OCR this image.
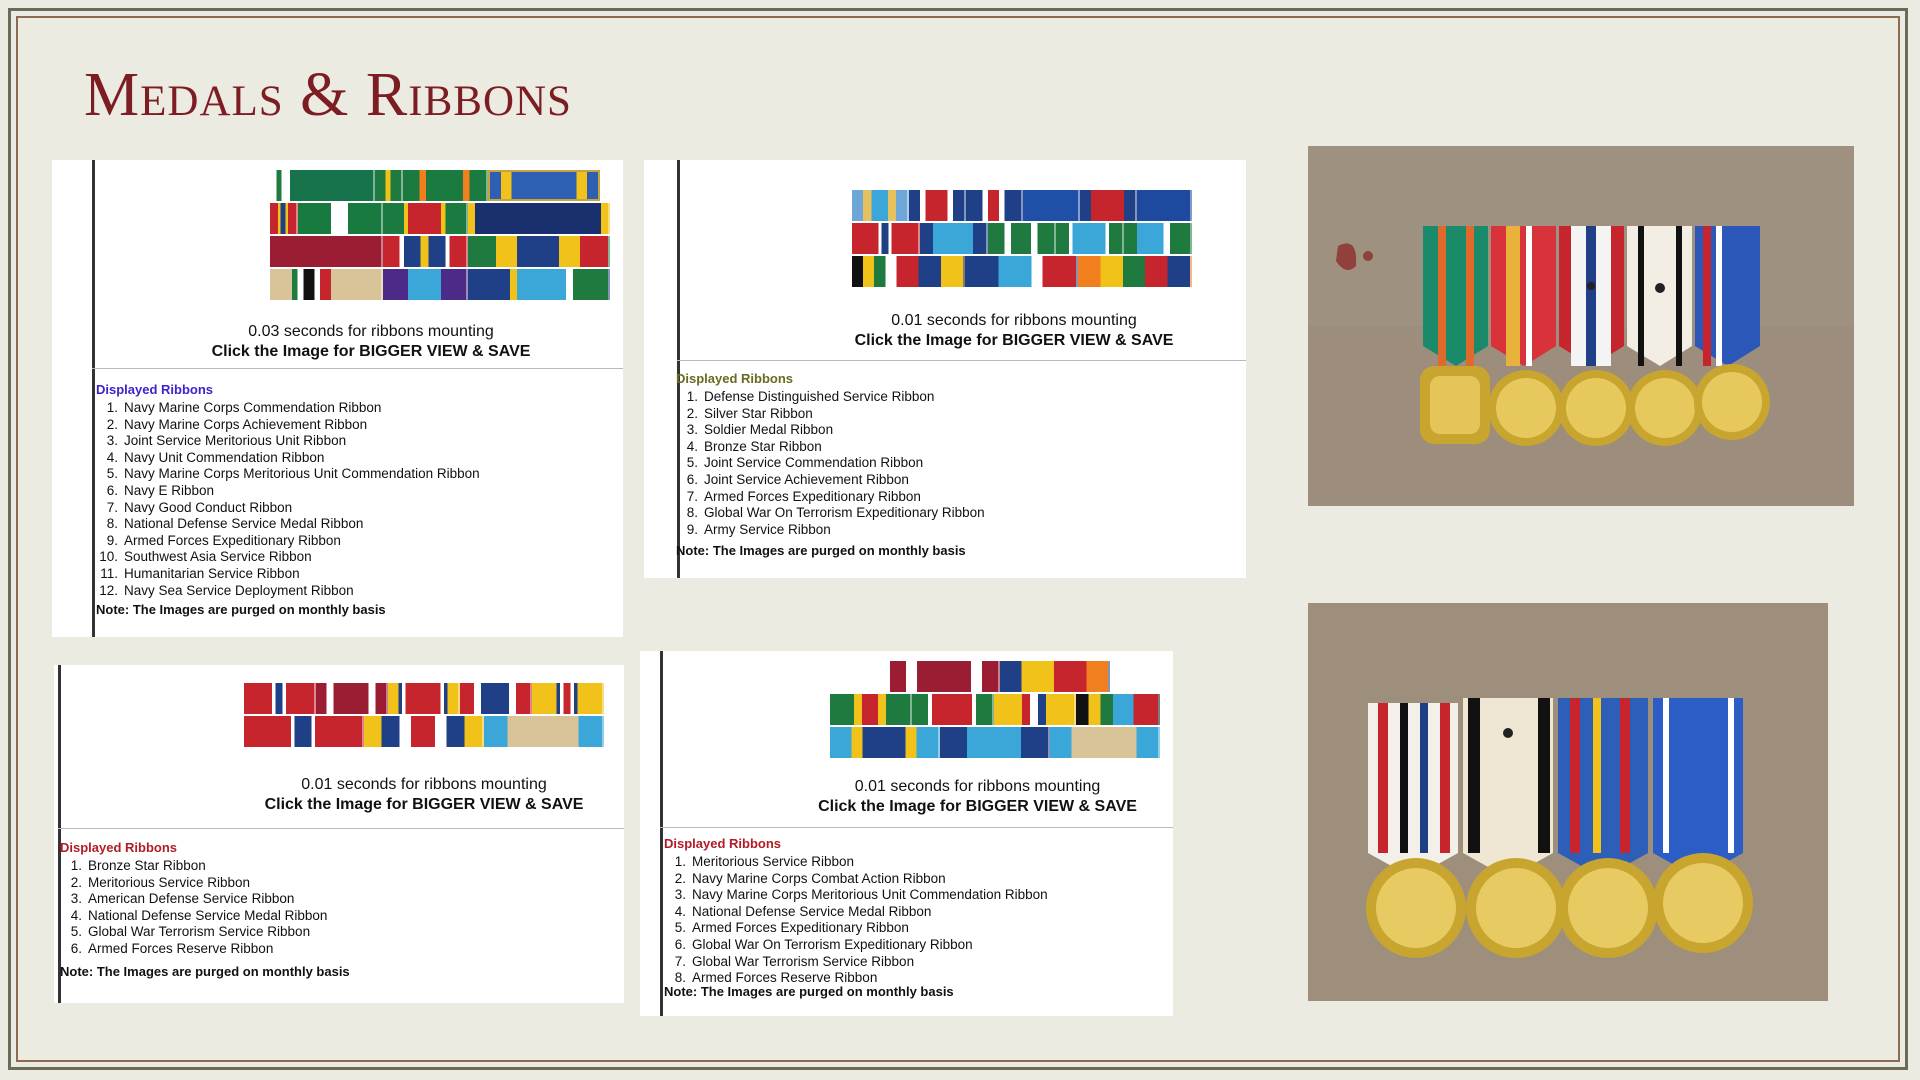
Medals & Ribbons
0.03 seconds for ribbons mounting
Click the Image for BIGGER VIEW & SAVE
Displayed Ribbons
1. Navy Marine Corps Commendation Ribbon
2. Navy Marine Corps Achievement Ribbon
3. Joint Service Meritorious Unit Ribbon
4. Navy Unit Commendation Ribbon
5. Navy Marine Corps Meritorious Unit Commendation Ribbon
6. Navy E Ribbon
7. Navy Good Conduct Ribbon
8. National Defense Service Medal Ribbon
9. Armed Forces Expeditionary Ribbon
10. Southwest Asia Service Ribbon
11. Humanitarian Service Ribbon
12. Navy Sea Service Deployment Ribbon
Note: The Images are purged on monthly basis
0.01 seconds for ribbons mounting
Click the Image for BIGGER VIEW & SAVE
Displayed Ribbons
1. Defense Distinguished Service Ribbon
2. Silver Star Ribbon
3. Soldier Medal Ribbon
4. Bronze Star Ribbon
5. Joint Service Commendation Ribbon
6. Joint Service Achievement Ribbon
7. Armed Forces Expeditionary Ribbon
8. Global War On Terrorism Expeditionary Ribbon
9. Army Service Ribbon
Note: The Images are purged on monthly basis
0.01 seconds for ribbons mounting
Click the Image for BIGGER VIEW & SAVE
Displayed Ribbons
1. Bronze Star Ribbon
2. Meritorious Service Ribbon
3. American Defense Service Ribbon
4. National Defense Service Medal Ribbon
5. Global War Terrorism Service Ribbon
6. Armed Forces Reserve Ribbon
Note: The Images are purged on monthly basis
0.01 seconds for ribbons mounting
Click the Image for BIGGER VIEW & SAVE
Displayed Ribbons
1. Meritorious Service Ribbon
2. Navy Marine Corps Combat Action Ribbon
3. Navy Marine Corps Meritorious Unit Commendation Ribbon
4. National Defense Service Medal Ribbon
5. Armed Forces Expeditionary Ribbon
6. Global War On Terrorism Expeditionary Ribbon
7. Global War Terrorism Service Ribbon
8. Armed Forces Reserve Ribbon
Note: The Images are purged on monthly basis
